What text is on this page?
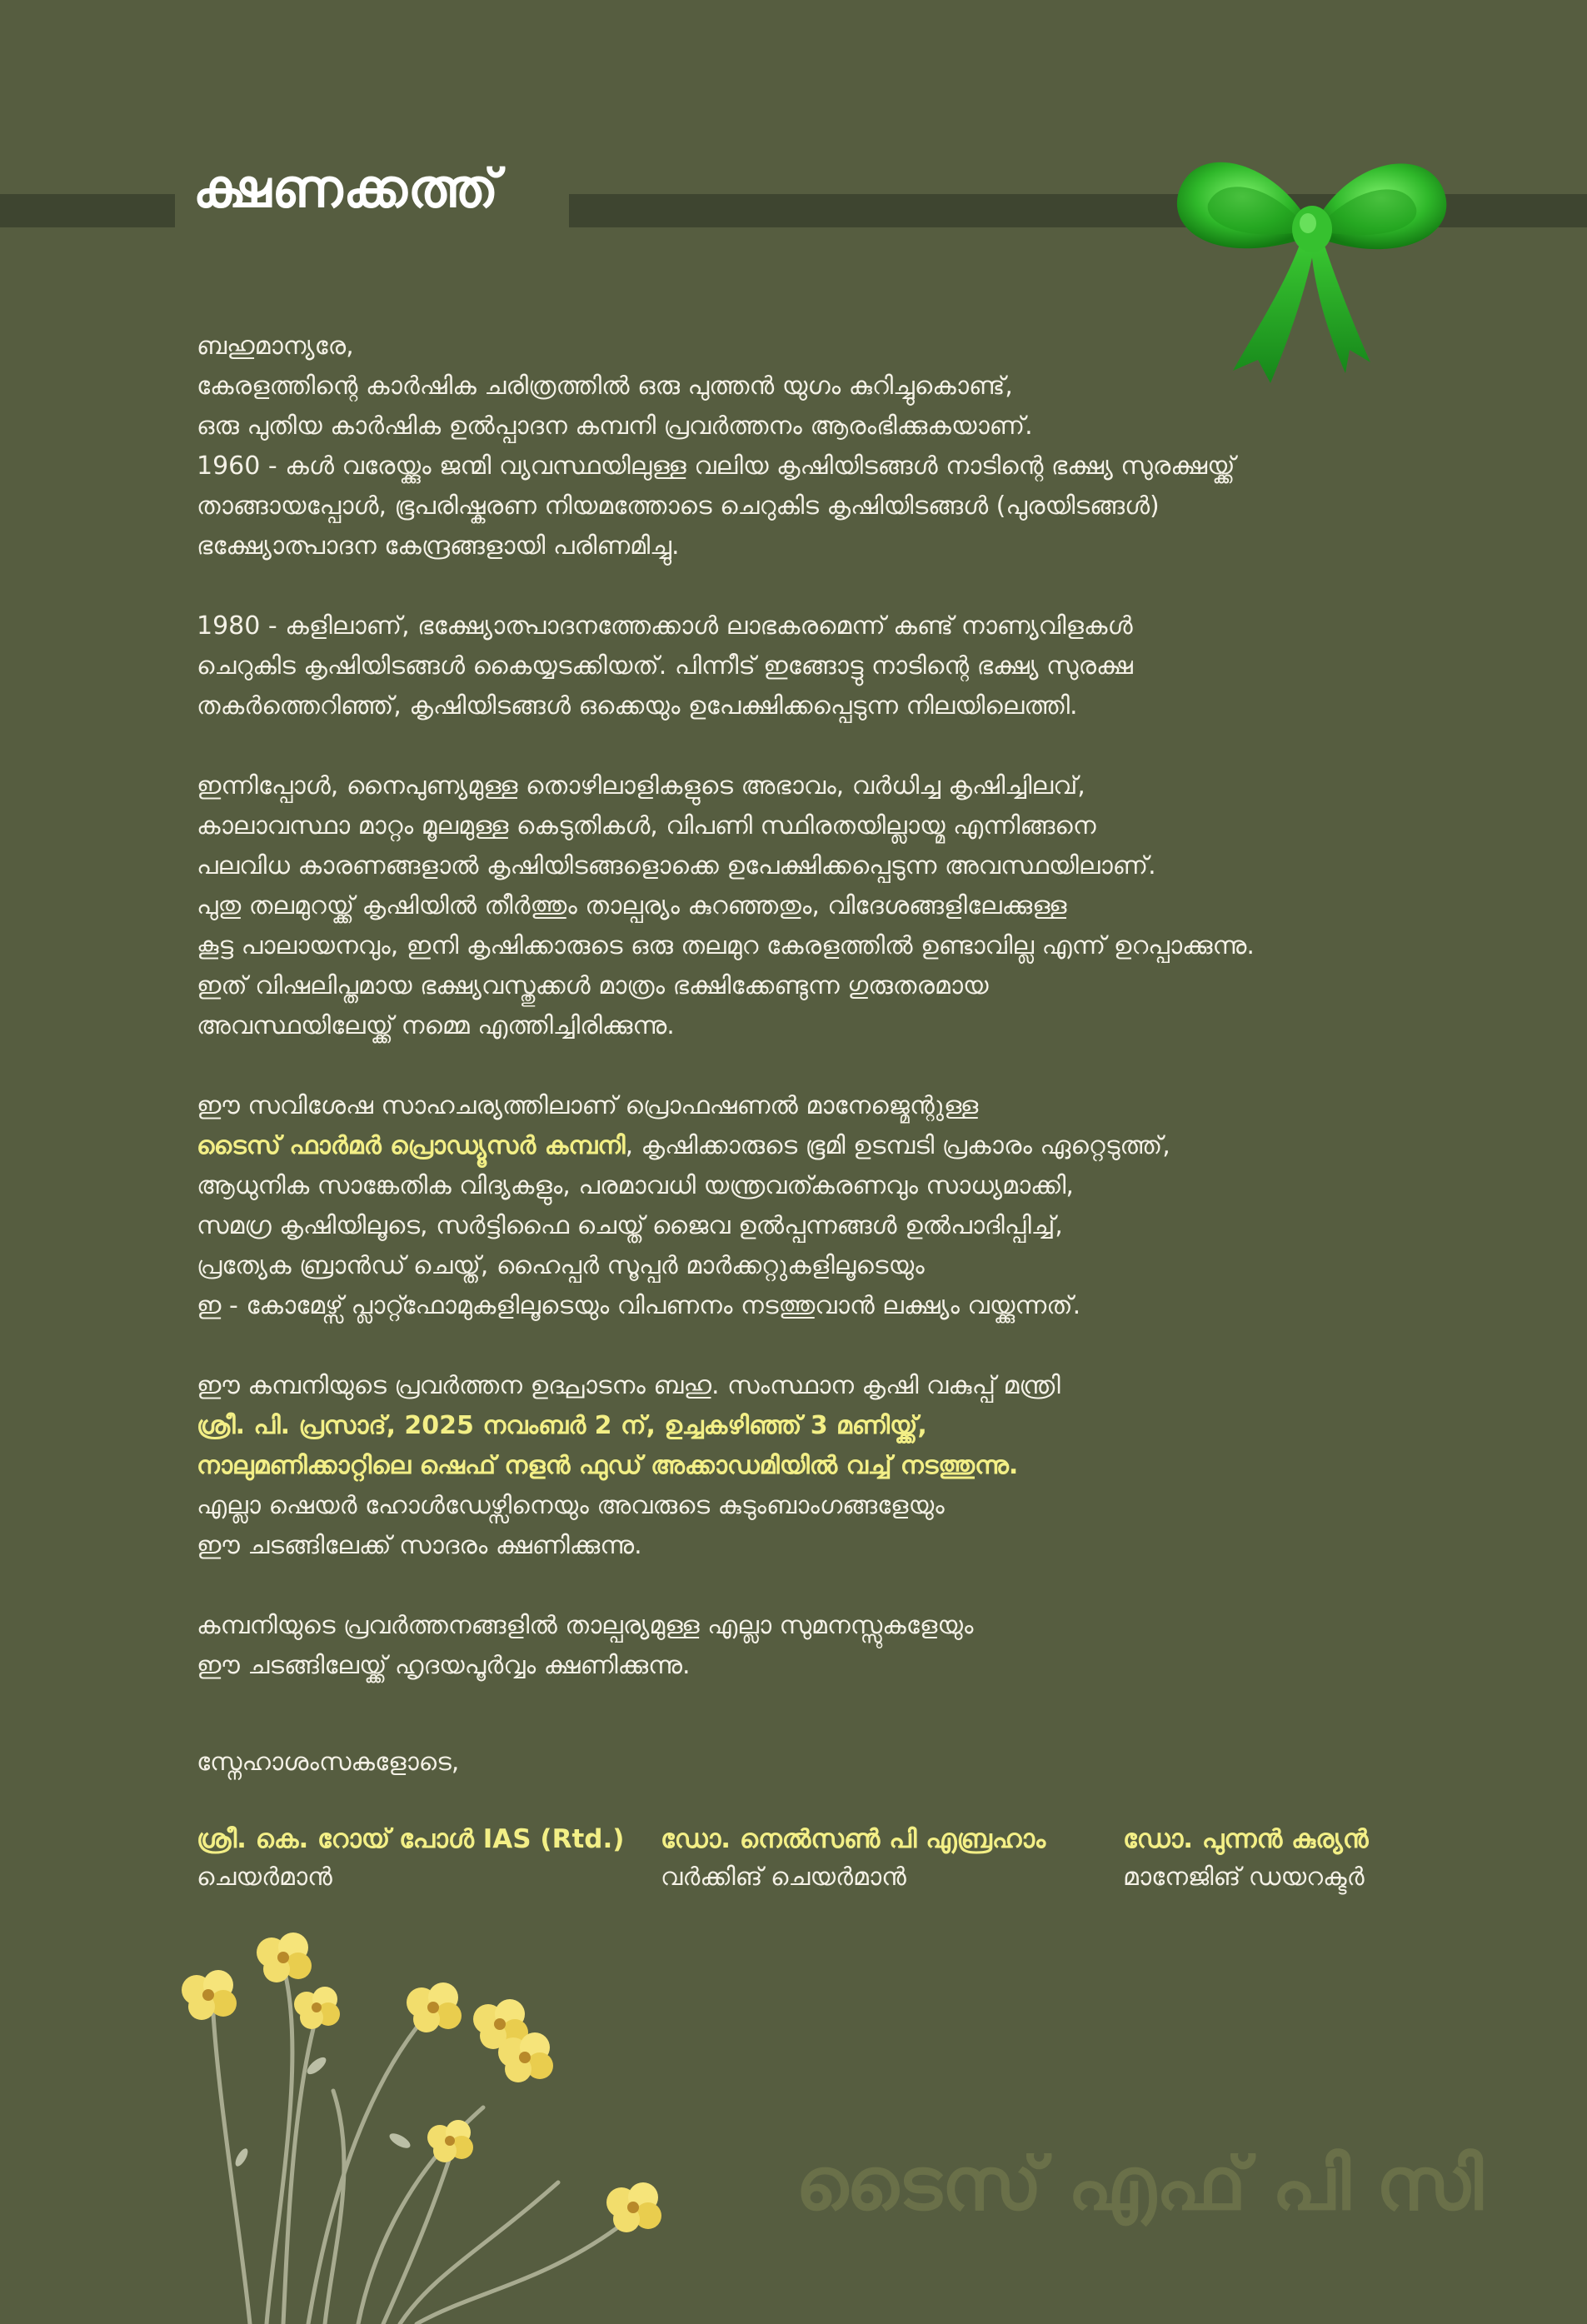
ക്ഷണക്കത്ത്

ബഹുമാന്യരേ,

കേരളത്തിന്റെ കാർഷിക ചരിത്രത്തിൽ ഒരു പുത്തൻ യുഗം കുറിച്ചുകൊണ്ട്,

ഒരു പുതിയ കാർഷിക ഉൽപ്പാദന കമ്പനി പ്രവർത്തനം ആരംഭിക്കുകയാണ്.

1960 - കൾ വരേയ്ക്കും ജന്മി വ്യവസ്ഥയിലുള്ള വലിയ കൃഷിയിടങ്ങൾ നാടിന്റെ ഭക്ഷ്യ സുരക്ഷയ്ക്ക്

താങ്ങായപ്പോൾ, ഭൂപരിഷ്കരണ നിയമത്തോടെ ചെറുകിട കൃഷിയിടങ്ങൾ (പുരയിടങ്ങൾ)

ഭക്ഷ്യോത്പാദന കേന്ദ്രങ്ങളായി പരിണമിച്ചു.

1980 - കളിലാണ്, ഭക്ഷ്യോത്പാദനത്തേക്കാൾ ലാഭകരമെന്ന് കണ്ട് നാണ്യവിളകൾ

ചെറുകിട കൃഷിയിടങ്ങൾ കൈയ്യടക്കിയത്. പിന്നീട് ഇങ്ങോട്ടു നാടിന്റെ ഭക്ഷ്യ സുരക്ഷ

തകർത്തെറിഞ്ഞ്, കൃഷിയിടങ്ങൾ ഒക്കെയും ഉപേക്ഷിക്കപ്പെടുന്ന നിലയിലെത്തി.

ഇന്നിപ്പോൾ, നൈപുണ്യമുള്ള തൊഴിലാളികളുടെ അഭാവം, വർധിച്ച കൃഷിച്ചിലവ്,

കാലാവസ്ഥാ മാറ്റം മൂലമുള്ള കെടുതികൾ, വിപണി സ്ഥിരതയില്ലായ്മ എന്നിങ്ങനെ

പലവിധ കാരണങ്ങളാൽ കൃഷിയിടങ്ങളൊക്കെ ഉപേക്ഷിക്കപ്പെടുന്ന അവസ്ഥയിലാണ്.

പുതു തലമുറയ്ക്ക് കൃഷിയിൽ തീർത്തും താല്പര്യം കുറഞ്ഞതും, വിദേശങ്ങളിലേക്കുള്ള

കൂട്ട പാലായനവും, ഇനി കൃഷിക്കാരുടെ ഒരു തലമുറ കേരളത്തിൽ ഉണ്ടാവില്ല എന്ന് ഉറപ്പാക്കുന്നു.

ഇത് വിഷലിപ്തമായ ഭക്ഷ്യവസ്തുക്കൾ മാത്രം ഭക്ഷിക്കേണ്ടുന്ന ഗുരുതരമായ

അവസ്ഥയിലേയ്ക്ക് നമ്മെ എത്തിച്ചിരിക്കുന്നു.

ഈ സവിശേഷ സാഹചര്യത്തിലാണ് പ്രൊഫഷണൽ മാനേജ്മെന്റുള്ള

ടൈസ് ഫാർമർ പ്രൊഡ്യൂസർ കമ്പനി, കൃഷിക്കാരുടെ ഭൂമി ഉടമ്പടി പ്രകാരം ഏറ്റെടുത്ത്,

ആധുനിക സാങ്കേതിക വിദ്യകളും, പരമാവധി യന്ത്രവത്കരണവും സാധ്യമാക്കി,

സമഗ്ര കൃഷിയിലൂടെ, സർട്ടിഫൈ ചെയ്ത് ജൈവ ഉൽപ്പന്നങ്ങൾ ഉൽപാദിപ്പിച്ച്,

പ്രത്യേക ബ്രാൻഡ് ചെയ്ത്, ഹൈപ്പർ സൂപ്പർ മാർക്കറ്റുകളിലൂടെയും

ഇ - കോമേഴ്സ് പ്ലാറ്റ്ഫോമുകളിലൂടെയും വിപണനം നടത്തുവാൻ ലക്ഷ്യം വയ്ക്കുന്നത്.

ഈ കമ്പനിയുടെ പ്രവർത്തന ഉദ്ഘാടനം ബഹു. സംസ്ഥാന കൃഷി വകുപ്പ് മന്ത്രി

ശ്രീ. പി. പ്രസാദ്, 2025 നവംബർ 2 ന്, ഉച്ചകഴിഞ്ഞ് 3 മണിയ്ക്ക്,

നാലുമണിക്കാറ്റിലെ ഷെഫ് നളൻ ഫുഡ് അക്കാഡമിയിൽ വച്ച് നടത്തുന്നു.

എല്ലാ ഷെയർ ഹോൾഡേഴ്സിനെയും അവരുടെ കുടുംബാംഗങ്ങളേയും

ഈ ചടങ്ങിലേക്ക് സാദരം ക്ഷണിക്കുന്നു.

കമ്പനിയുടെ പ്രവർത്തനങ്ങളിൽ താല്പര്യമുള്ള എല്ലാ സുമനസ്സുകളേയും

ഈ ചടങ്ങിലേയ്ക്ക് ഹൃദയപൂർവ്വം ക്ഷണിക്കുന്നു.

സ്നേഹാശംസകളോടെ,
ശ്രീ. കെ. റോയ് പോൾ IAS (Rtd.)
ചെയർമാൻ
ഡോ. നെൽസൺ പി എബ്രഹാം
വർക്കിങ് ചെയർമാൻ
ഡോ. പുന്നൻ കുര്യൻ
മാനേജിങ് ഡയറക്ടർ
ടൈസ് എഫ് പി സി
